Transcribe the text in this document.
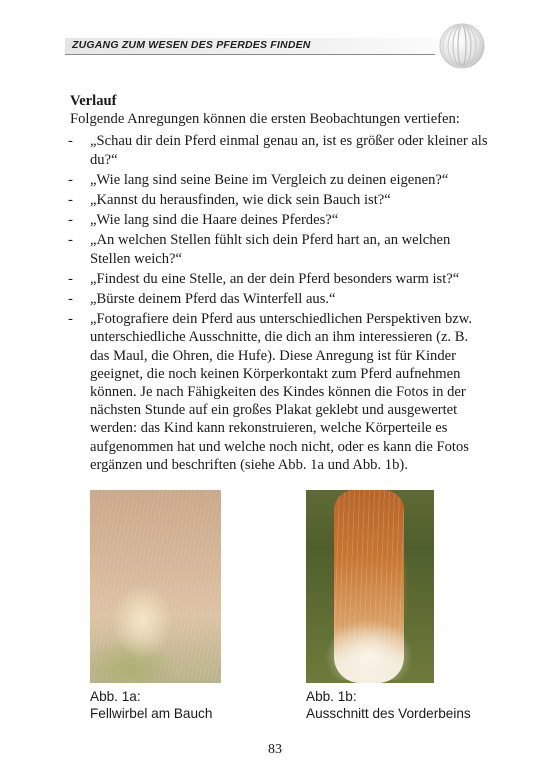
ZUGANG ZUM WESEN DES PFERDES FINDEN

Verlauf

Folgende Anregungen können die ersten Beobachtungen vertiefen:

- „Schau dir dein Pferd einmal genau an, ist es größer oder kleiner als du?“
- „Wie lang sind seine Beine im Vergleich zu deinen eigenen?“
- „Kannst du herausfinden, wie dick sein Bauch ist?“
- „Wie lang sind die Haare deines Pferdes?“
- „An welchen Stellen fühlt sich dein Pferd hart an, an welchen Stellen weich?“
- „Findest du eine Stelle, an der dein Pferd besonders warm ist?“
- „Bürste deinem Pferd das Winterfell aus.“
- „Fotografiere dein Pferd aus unterschiedlichen Perspektiven bzw. unterschiedliche Ausschnitte, die dich an ihm interessieren (z. B. das Maul, die Ohren, die Hufe). Diese Anregung ist für Kinder geeignet, die noch keinen Körperkontakt zum Pferd aufnehmen können. Je nach Fähigkeiten des Kindes können die Fotos in der nächsten Stunde auf ein großes Plakat geklebt und ausgewertet werden: das Kind kann rekonstruieren, welche Körperteile es aufgenommen hat und welche noch nicht, oder es kann die Fotos ergänzen und beschriften (siehe Abb. 1a und Abb. 1b).
Abb. 1a:
Fellwirbel am Bauch
Abb. 1b:
Ausschnitt des Vorderbeins
83
